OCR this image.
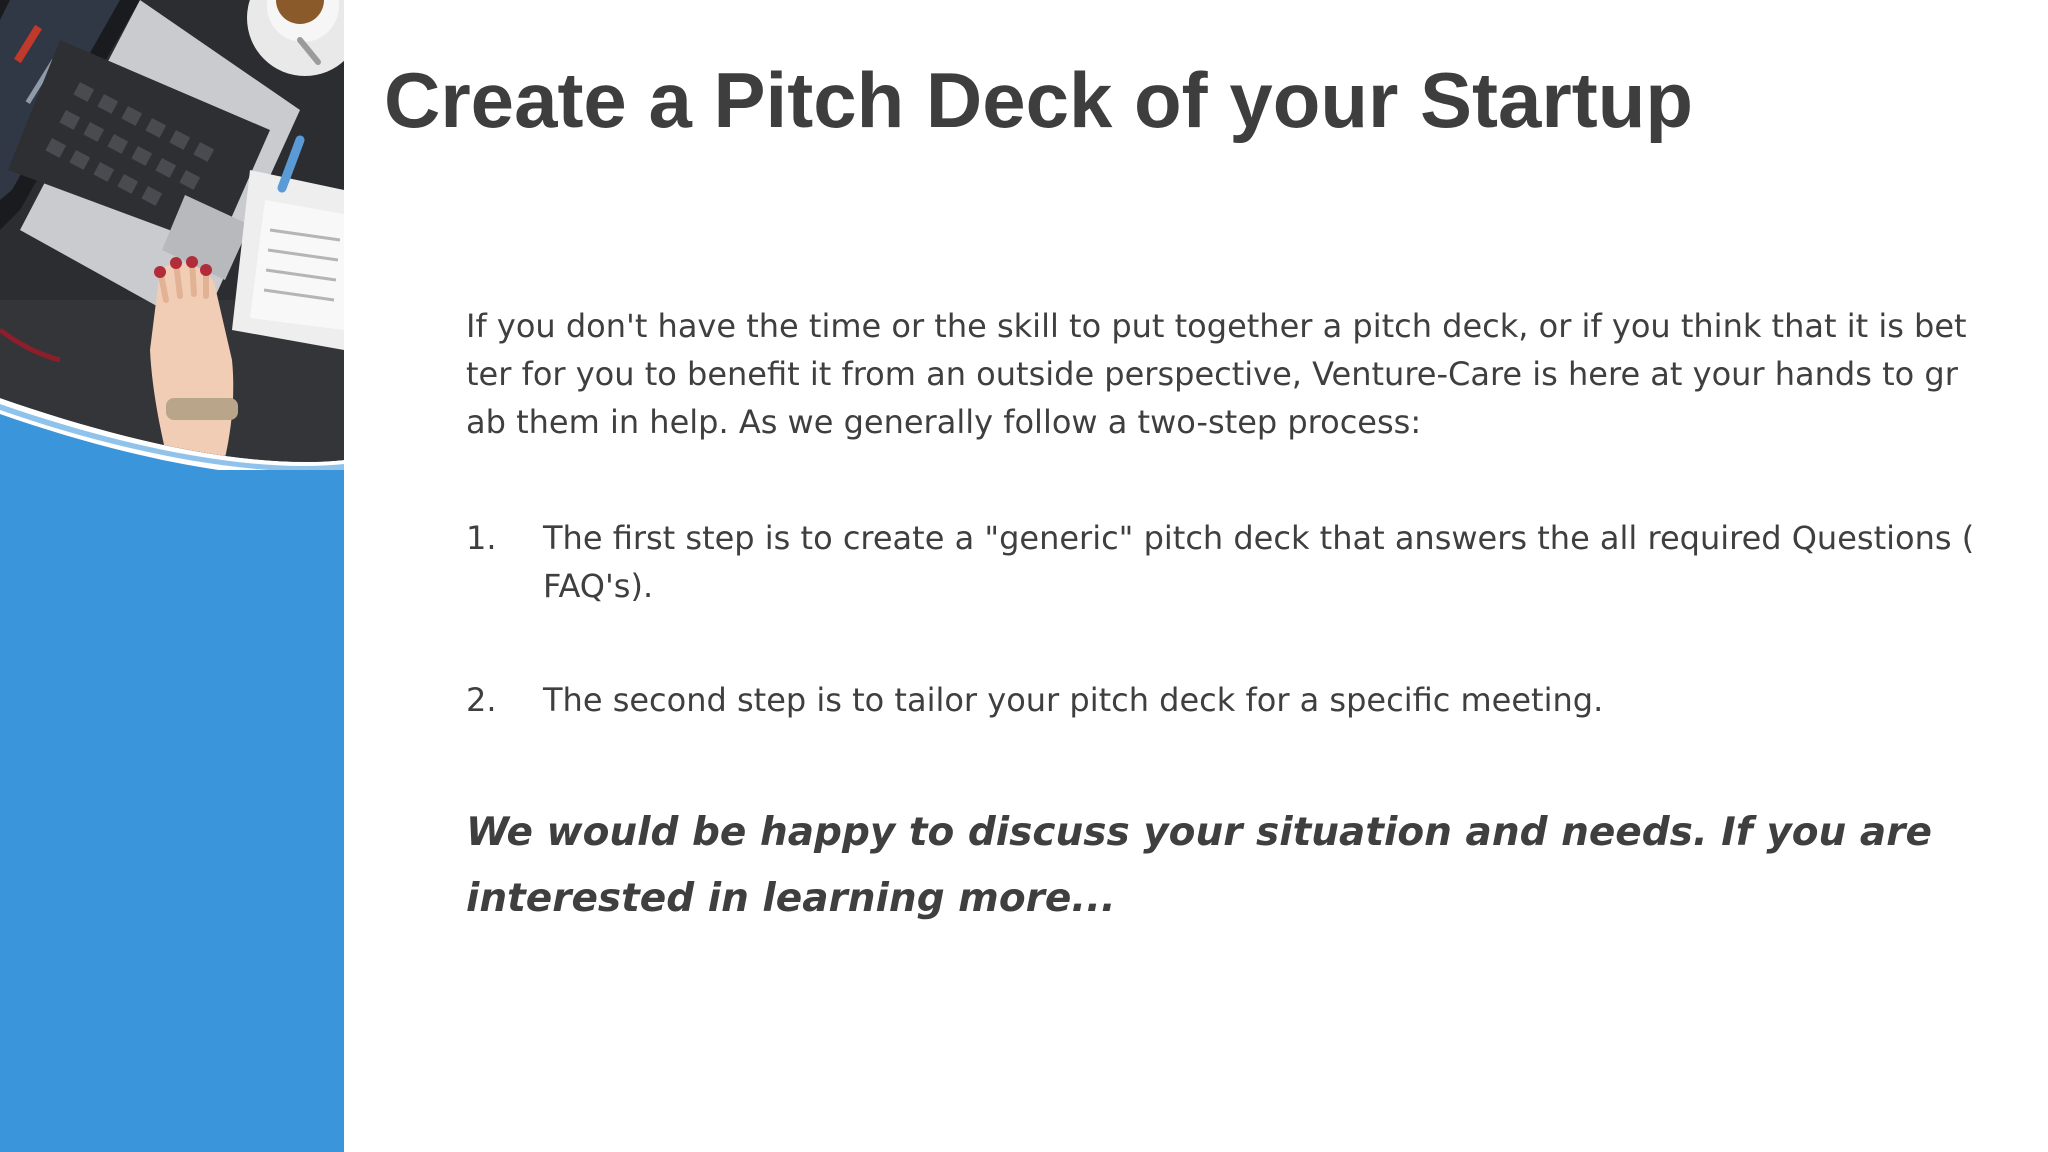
Create a Pitch Deck of your Startup

If you don't have the time or the skill to put together a pitch deck, or if you think that it is bet ter for you to benefit it from an outside perspective, Venture-Care is here at your hands to gr ab them in help. As we generally follow a two-step process:

1.	The first step is to create a "generic" pitch deck that answers the all required Questions ( FAQ's).
2.	The second step is to tailor your pitch deck for a specific meeting.

We would be happy to discuss your situation and needs. If you are interested in learning more...
